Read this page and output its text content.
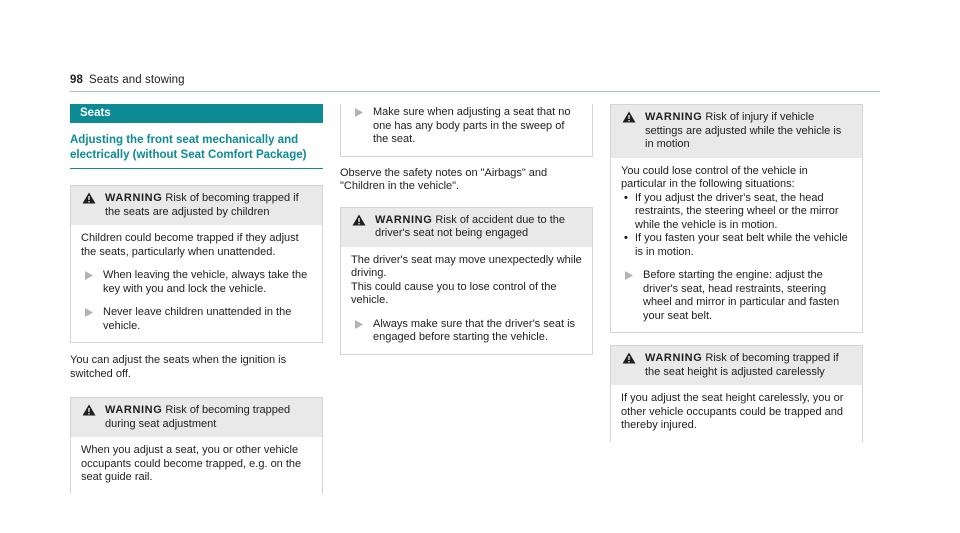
98 Seats and stowing
Seats
Adjusting the front seat mechanically and electrically (without Seat Comfort Package)
WARNING Risk of becoming trapped if the seats are adjusted by children

Children could become trapped if they adjust the seats, particularly when unattended.

When leaving the vehicle, always take the key with you and lock the vehicle.
Never leave children unattended in the vehicle.

You can adjust the seats when the ignition is switched off.

WARNING Risk of becoming trapped during seat adjustment

When you adjust a seat, you or other vehicle occupants could become trapped, e.g. on the seat guide rail.

Make sure when adjusting a seat that no one has any body parts in the sweep of the seat.

Observe the safety notes on "Airbags" and "Children in the vehicle".

WARNING Risk of accident due to the driver's seat not being engaged

The driver's seat may move unexpectedly while driving.

This could cause you to lose control of the vehicle.

Always make sure that the driver's seat is engaged before starting the vehicle.
WARNING Risk of injury if vehicle settings are adjusted while the vehicle is in motion

You could lose control of the vehicle in particular in the following situations:

• If you adjust the driver's seat, the head restraints, the steering wheel or the mirror while the vehicle is in motion.
• If you fasten your seat belt while the vehicle is in motion.
Before starting the engine: adjust the driver's seat, head restraints, steering wheel and mirror in particular and fasten your seat belt.
WARNING Risk of becoming trapped if the seat height is adjusted carelessly

If you adjust the seat height carelessly, you or other vehicle occupants could be trapped and thereby injured.
